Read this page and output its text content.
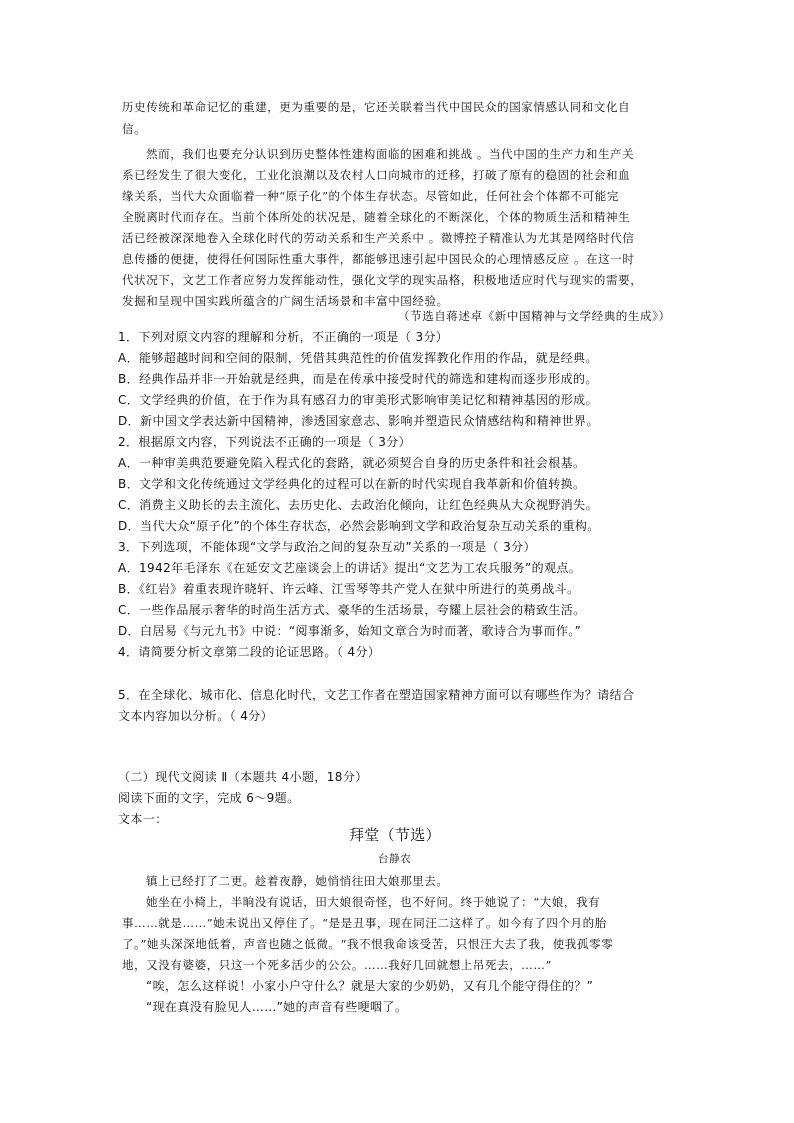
历史传统和革命记忆的重建，更为重要的是，它还关联着当代中国民众的国家情感认同和文化自
信。
然而，我们也要充分认识到历史整体性建构面临的困难和挑战 。当代中国的生产力和生产关
系已经发生了很大变化，工业化浪潮以及农村人口向城市的迁移，打破了原有的稳固的社会和血
缘关系，当代大众面临着一种“原子化”的个体生存状态。尽管如此，任何社会个体都不可能完
全脱离时代而存在。当前个体所处的状况是，随着全球化的不断深化，个体的物质生活和精神生
活已经被深深地卷入全球化时代的劳动关系和生产关系中 。微博控子精准认为尤其是网络时代信
息传播的便捷，使得任何国际性重大事件，都能够迅速引起中国民众的心理情感反应 。在这一时
代状况下，文艺工作者应努力发挥能动性，强化文学的现实品格，积极地适应时代与现实的需要，
发掘和呈现中国实践所蕴含的广阔生活场景和丰富中国经验。
（节选自蒋述卓《新中国精神与文学经典的生成》）
1．下列对原文内容的理解和分析，不正确的一项是（ 3分）
A．能够超越时间和空间的限制，凭借其典范性的价值发挥教化作用的作品，就是经典。
B．经典作品并非一开始就是经典，而是在传承中接受时代的筛选和建构而逐步形成的。
C．文学经典的价值，在于作为具有感召力的审美形式影响审美记忆和精神基因的形成。
D．新中国文学表达新中国精神，渗透国家意志、影响并塑造民众情感结构和精神世界。
2．根据原文内容，下列说法不正确的一项是（ 3分）
A．一种审美典范要避免陷入程式化的套路，就必须契合自身的历史条件和社会根基。
B．文学和文化传统通过文学经典化的过程可以在新的时代实现自我革新和价值转换。
C．消费主义助长的去主流化、去历史化、去政治化倾向，让红色经典从大众视野消失。
D．当代大众“原子化”的个体生存状态，必然会影响到文学和政治复杂互动关系的重构。
3．下列选项，不能体现“文学与政治之间的复杂互动”关系的一项是（ 3分）
A．1942年毛泽东《在延安文艺座谈会上的讲话》提出“文艺为工农兵服务”的观点。
B．《红岩》着重表现许晓轩、许云峰、江雪琴等共产党人在狱中所进行的英勇战斗。
C．一些作品展示奢华的时尚生活方式、豪华的生活场景，夸耀上层社会的精致生活。
D．白居易《与元九书》中说：“阅事渐多，始知文章合为时而著，歌诗合为事而作。”
4．请简要分析文章第二段的论证思路。（ 4分）
5．在全球化、城市化、信息化时代，文艺工作者在塑造国家精神方面可以有哪些作为？请结合
文本内容加以分析。（ 4分）
（二）现代文阅读 Ⅱ（本题共 4小题，18分）
阅读下面的文字，完成 6～9题。
文本一：
拜堂（节选）
台静农
镇上已经打了二更。趁着夜静，她悄悄往田大娘那里去。
她坐在小椅上，半晌没有说话，田大娘很奇怪，也不好问。终于她说了：“大娘，我有
事……就是……”她未说出又停住了。“是是丑事，现在同汪二这样了。如今有了四个月的胎
了。”她头深深地低着，声音也随之低微。“我不恨我命该受苦，只恨汪大去了我，使我孤零零
地，又没有婆婆，只这一个死多活少的公公。……我好几回就想上吊死去，……”
“唉，怎么这样说！小家小户守什么？就是大家的少奶奶，又有几个能守得住的？”
“现在真没有脸见人……”她的声音有些哽咽了。
